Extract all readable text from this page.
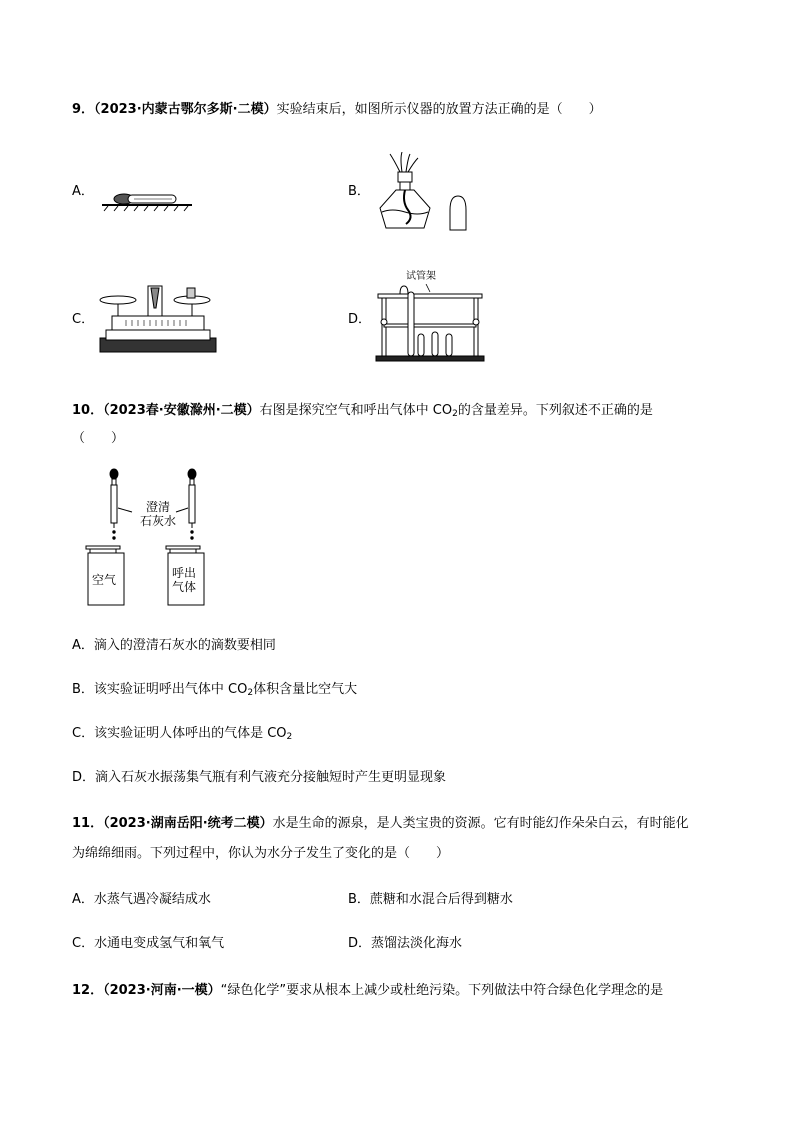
9．（2023·内蒙古鄂尔多斯·二模）实验结束后，如图所示仪器的放置方法正确的是（　　）
A．	B．
C．	D．
试管架
10．（2023春·安徽滁州·二模）右图是探究空气和呼出气体中 $CO_2$的含量差异。下列叙述不正确的是
（　　）
澄清
石灰水
空气	呼出
气体
A．滴入的澄清石灰水的滴数要相同
B．该实验证明呼出气体中 $CO_2$体积含量比空气大
C．该实验证明人体呼出的气体是 $CO_2$
D．滴入石灰水振荡集气瓶有利气液充分接触短时产生更明显现象
11．（2023·湖南岳阳·统考二模）水是生命的源泉，是人类宝贵的资源。它有时能幻作朵朵白云，有时能化
为绵绵细雨。下列过程中，你认为水分子发生了变化的是（　　）
A．水蒸气遇冷凝结成水	B．蔗糖和水混合后得到糖水
C．水通电变成氢气和氧气	D．蒸馏法淡化海水
12．（2023·河南·一模）“绿色化学”要求从根本上减少或杜绝污染。下列做法中符合绿色化学理念的是
